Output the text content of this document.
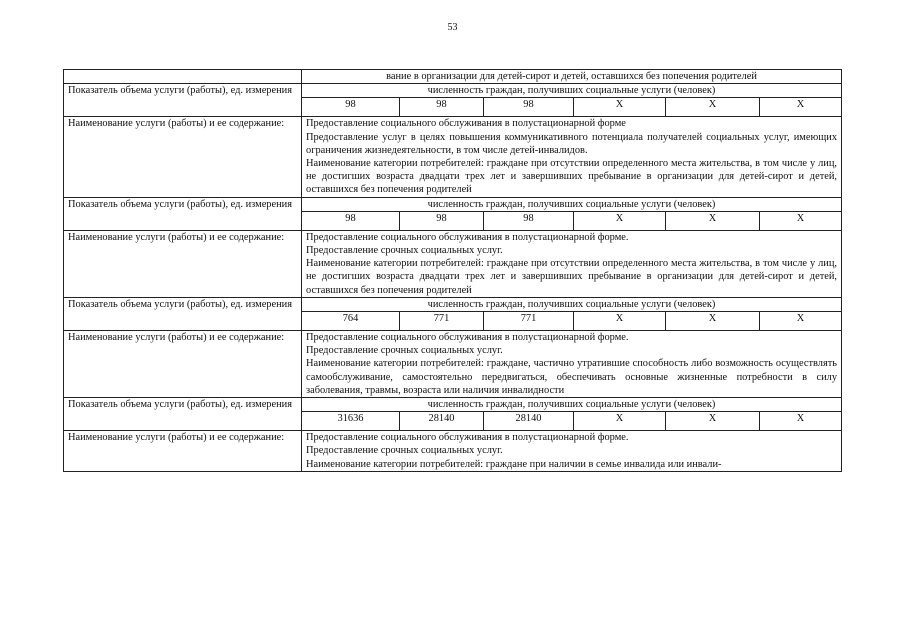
53
	вание в организации для детей-сирот и детей, оставшихся без попечения родителей					
Показатель объема услуги (работы), ед. измерения	численность граждан, получивших социальные услуги (человек)					
	98	98	98	Х	Х	Х
Наименование услуги (работы) и ее содержание:	Предоставление социального обслуживания в полустационарной форме
Предоставление услуг в целях повышения коммуникативного потенциала получателей социальных услуг, имеющих ограничения жизнедеятельности, в том числе детей-инвалидов.
Наименование категории потребителей: граждане при отсутствии определенного места жительства, в том числе у лиц, не достигших возраста двадцати трех лет и завершивших пребывание в организации для детей-сирот и детей, оставшихся без попечения родителей					

Показатель объема услуги (работы), ед. измерения	численность граждан, получивших социальные услуги (человек)					
	98	98	98	Х	Х	Х
Наименование услуги (работы) и ее содержание:	Предоставление социального обслуживания в полустационарной форме.
Предоставление срочных социальных услуг.
Наименование категории потребителей: граждане при отсутствии определенного места жительства, в том числе у лиц, не достигших возраста двадцати трех лет и завершивших пребывание в организации для детей-сирот и детей, оставшихся без попечения родителей					

Показатель объема услуги (работы), ед. измерения	численность граждан, получивших социальные услуги (человек)					
	764	771	771	Х	Х	Х
Наименование услуги (работы) и ее содержание:	Предоставление социального обслуживания в полустационарной форме.
Предоставление срочных социальных услуг.
Наименование категории потребителей: граждане, частично утратившие способность либо возможность осуществлять самообслуживание, самостоятельно передвигаться, обеспечивать основные жизненные потребности в силу заболевания, травмы, возраста или наличия инвалидности					

Показатель объема услуги (работы), ед. измерения	численность граждан, получивших социальные услуги (человек)					
	31636	28140	28140	Х	Х	Х
Наименование услуги (работы) и ее содержание:	Предоставление социального обслуживания в полустационарной форме.
Предоставление срочных социальных услуг.
Наименование категории потребителей: граждане при наличии в семье инвалида или инвали-					
